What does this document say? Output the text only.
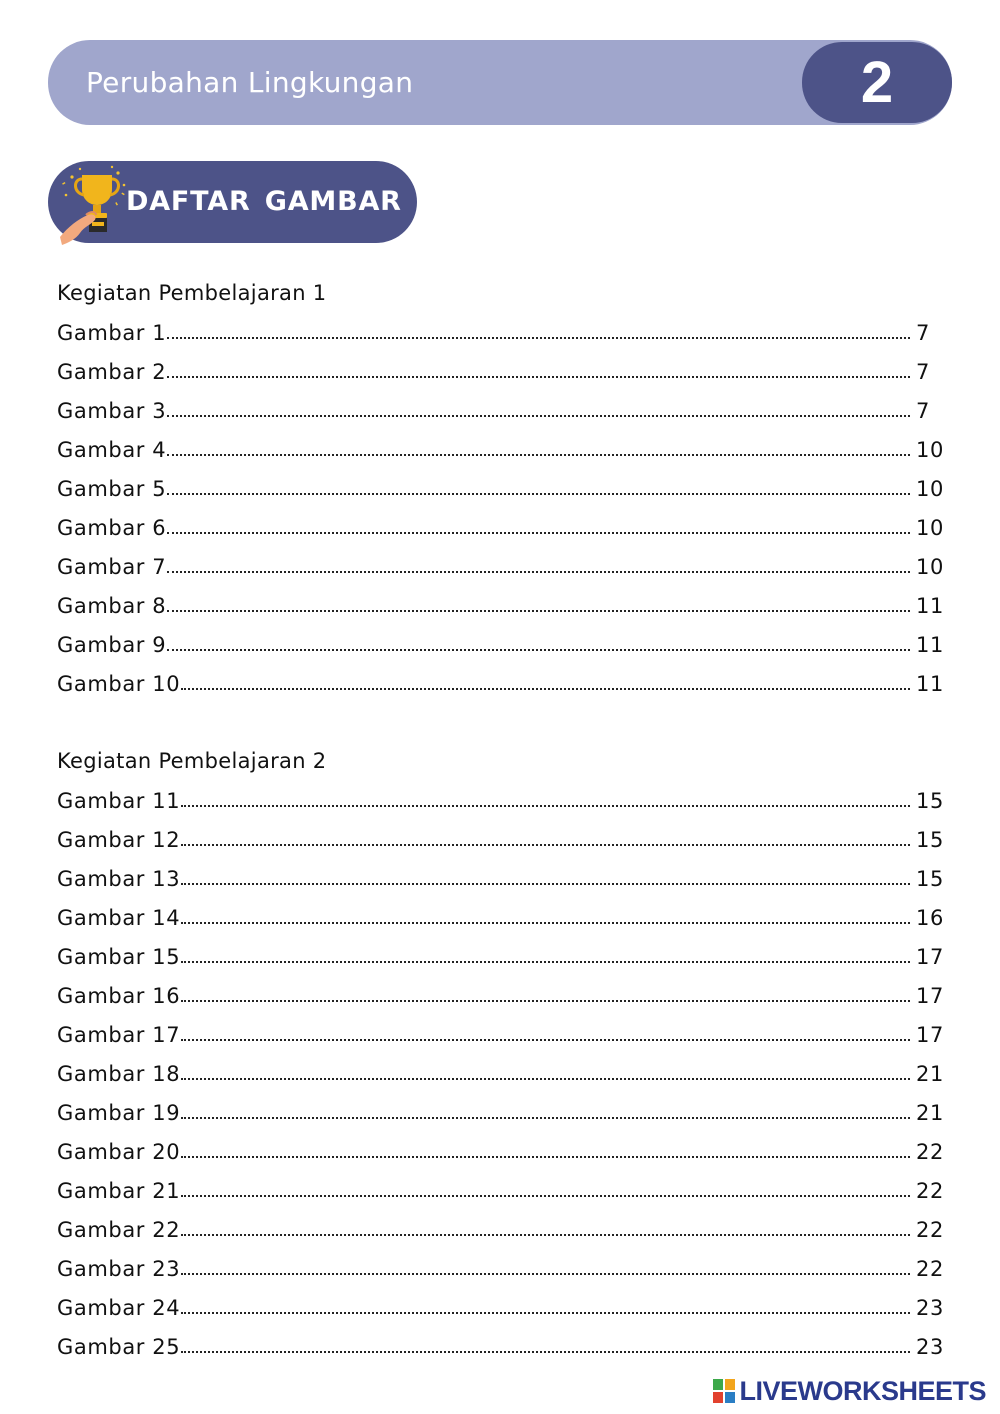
Perubahan Lingkungan	2
DAFTAR GAMBAR
Kegiatan Pembelajaran 1
Gambar 1	7
Gambar 2	7
Gambar 3	7
Gambar 4	10
Gambar 5	10
Gambar 6	10
Gambar 7	10
Gambar 8	11
Gambar 9	11
Gambar 10	11
Kegiatan Pembelajaran 2
Gambar 11	15
Gambar 12	15
Gambar 13	15
Gambar 14	16
Gambar 15	17
Gambar 16	17
Gambar 17	17
Gambar 18	21
Gambar 19	21
Gambar 20	22
Gambar 21	22
Gambar 22	22
Gambar 23	22
Gambar 24	23
Gambar 25	23
LIVEWORKSHEETS
